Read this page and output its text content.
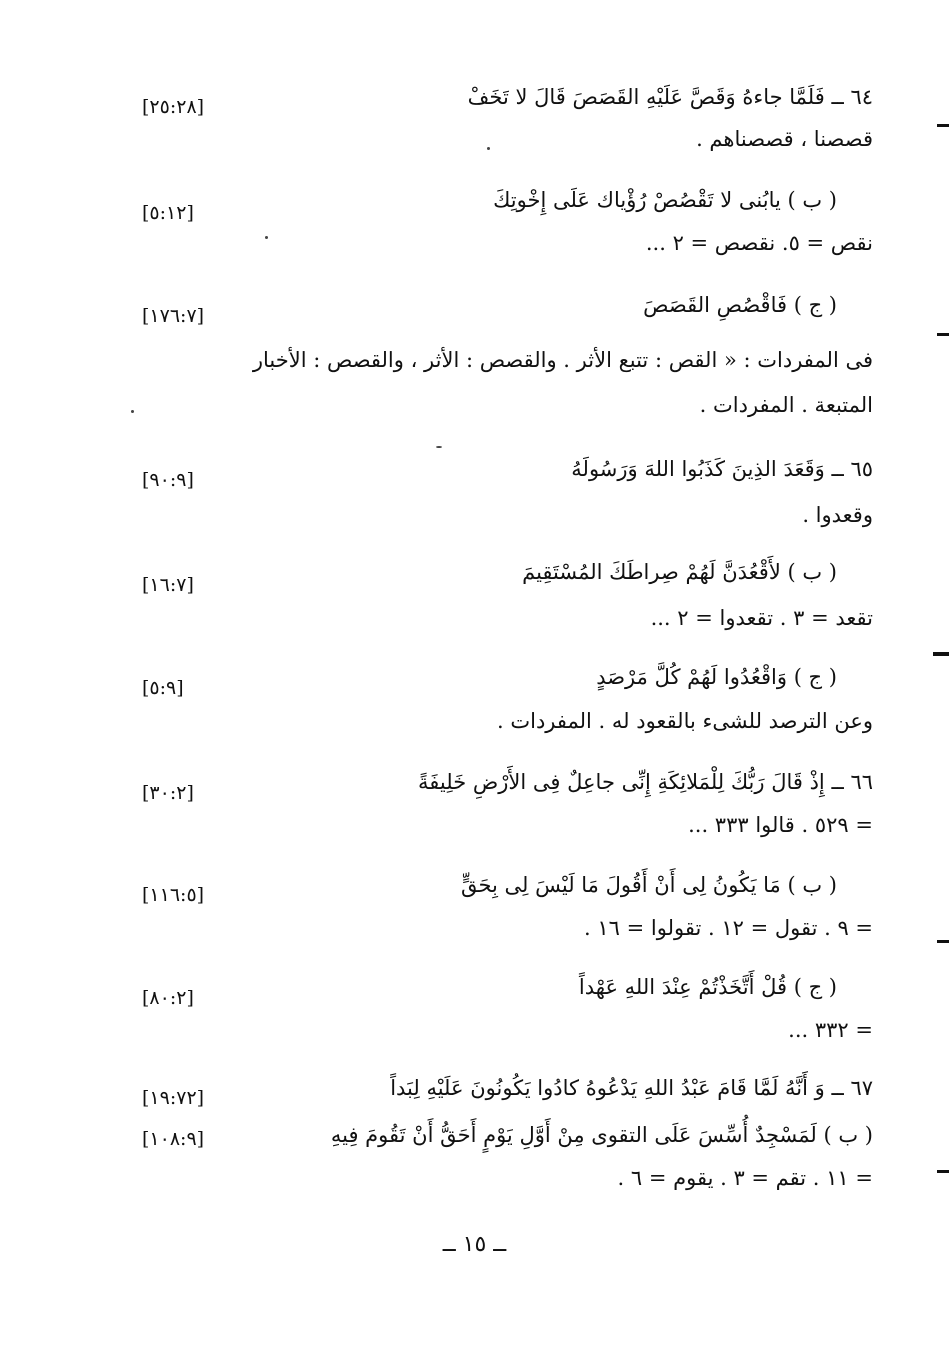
٦٤ ــ فَلَمَّا جاءهُ وَقَصَّ عَلَيْهِ القَصَصَ قَالَ لا تَخَفْ
[٢٥:٢٨]
قصصنا ، قصصناهم .
( ب ) يابُنى لا تَقْصُصْ رُؤْياك عَلَى إِخْوتِكَ
[٥:١٢]
نقص = ٥. نقصص = ٢ ...
( ج ) فَاقْصُصِ القَصَصَ
[١٧٦:٧]
فى المفردات : « القص : تتبع الأثر . والقصص : الأثر ، والقصص : الأخبار
المتبعة . المفردات .
٦٥ ــ وَقَعَدَ الذِينَ كَذَبُوا اللهَ وَرَسُولَهُ
[٩٠:٩]
وقعدوا .
( ب ) لأَقْعُدَنَّ لَهُمْ صِراطَكَ المُسْتَقِيمَ
[١٦:٧]
تقعد = ٣ . تقعدوا = ٢ ...
( ج ) وَاقْعُدُوا لَهُمْ كُلَّ مَرْصَدٍ
[٥:٩]
وعن الترصد للشىء بالقعود له . المفردات .
٦٦ ــ إِذْ قَالَ رَبُّكَ لِلْمَلائِكَةِ إِنِّى جاعِلٌ فِى الأَرْضِ خَلِيفَةً
[٣٠:٢]
= ٥٢٩ . قالوا ٣٣٣ ...
( ب ) مَا يَكُونُ لِى أَنْ أَقُولَ مَا لَيْسَ لِى بِحَقٍّ
[١١٦:٥]
= ٩ . تقول = ١٢ . تقولوا = ١٦ .
( ج ) قُلْ أَتَّخَذْتُمْ عِنْدَ اللهِ عَهْداً
[٨٠:٢]
= ٣٣٢ ...
٦٧ ــ وَ أَنَّهُ لَمَّا قَامَ عَبْدُ اللهِ يَدْعُوهُ كادُوا يَكُونُونَ عَلَيْهِ لِبَداً
[١٩:٧٢]
( ب ) لَمَسْجِدٌ أُسِّسَ عَلَى التقوى مِنْ أَوَّلِ يَوْمٍ أَحَقُّ أَنْ تَقُومَ فِيهِ
[١٠٨:٩]
= ١١ . تقم = ٣ . يقوم = ٦ .
ــ ١٥ ــ
